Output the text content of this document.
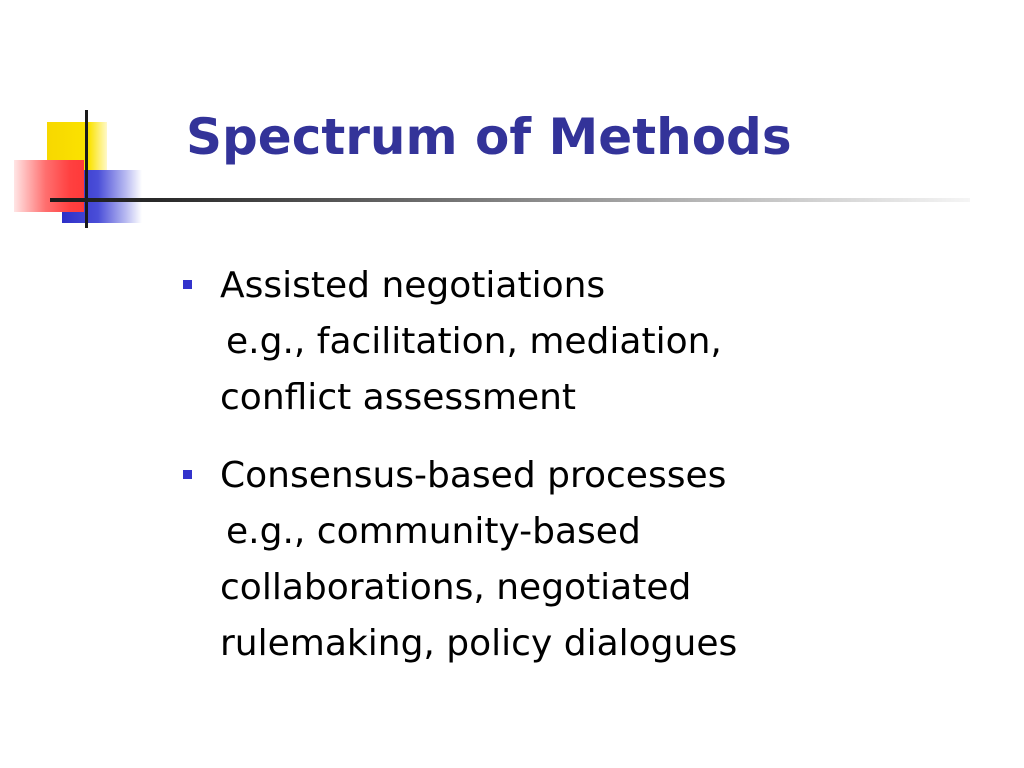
Spectrum of Methods
Assisted negotiations
e.g., facilitation, mediation,
conflict assessment
Consensus-based processes
e.g., community-based
collaborations, negotiated
rulemaking, policy dialogues
